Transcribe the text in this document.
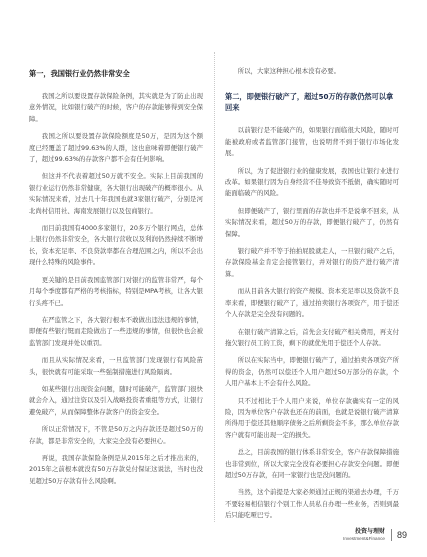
第一，我国银行业仍然非常安全

我国之所以要设置存款保险条例，其实就是为了防止出现意外情况，比如银行破产的时候，客户的存款能够得到安全保障。

我国之所以要设置存款保险额度是50万，是因为这个额度已经覆盖了超过99.63%的人群，这也意味着即便银行破产了，超过99.63%的存款客户都不会有任何影响。

但这并不代表着超过50万就不安全。实际上目前我国的银行业运行仍然非常健康，各大银行出现破产的概率很小。从实际情况来看，过去几十年我国也就3家银行破产，分别是河北尚村信用社、海南发展银行以及包商银行。

而目前我国有4000多家银行，20多万个银行网点，总体上银行仍然非常安全，各大银行营收以及利润仍然持续不断增长，资本充足率、不良贷款率都在合理范围之内，所以不会出现什么特殊的风险事件。

更关键的是目前我国监管部门对银行的监管非常严，每个月每个季度都有严格的考核指标，特别是MPA考核，让各大银行头疼不已。

在严监管之下，各大银行根本不敢做出违法违规的事情，即便有些银行铤而走险做出了一些违规的事情，但很快也会被监管部门发现并处以重罚。

而且从实际情况来看，一旦监管部门发现银行有风险苗头，很快就有可能采取一些强制措施进行风险隔离。

如某些银行出现资金问题，随时可能破产，监管部门很快就会介入，通过注资以及引入战略投资者重组等方式，让银行避免破产，从而保障整体存款客户的资金安全。

所以正常情况下，不管是50万之内存款还是超过50万的存款，都是非常安全的，大家完全没有必要担心。

再说，我国存款保险条例是从2015年之后才推出来的，2015年之前根本就没有50万存款兑付保证这说法，当时也没见超过50万存款有什么风险啊。

所以，大家这种担心根本没有必要。

第二，即便银行破产了，超过50万的存款仍然可以拿回来

以前银行是不能破产的，如果银行面临很大风险，随时可能被政府或者监管部门接管，也说明背不到于银行市场化发展。

所以，为了促进银行业的健康发展，我国也让银行业进行改革。如果银行因为自身经营不佳导致资不抵债，确实随时可能面临破产的风险。

但即便破产了，银行里面的存款也并不是说拿不回来，从实际情况来看，超过50万的存款，即便银行破产了，仍然有保障。

银行破产并不等于拍拍屁股就走人，一旦银行破产之后，存款保险基金肯定会接管银行，并对银行的资产进行破产清算。

而从目前各大银行的资产规模、资本充足率以及贷款不良率来看，即便银行破产了，通过拍卖银行各项资产，用于偿还个人存款是完全没有问题的。

在银行破产清算之后，首先会支付破产相关费用，再支付拖欠银行员工的工资，剩下的就优先用于偿还个人存款。

所以在实际当中，即便银行破产了，通过拍卖各项资产所得的资金，仍然可以偿还个人用户超过50万部分的存款，个人用户基本上不会有什么风险。

只不过相比于个人用户来说，单位存款确实有一定的风险，因为单位客户存款也还在的前面，也就是说银行破产清算所得用于偿还其他顺序债务之后所剩资金不多，那么单位存款客户就有可能出现一定的损失。

总之，目前我国的银行体系非常安全，客户存款保障措施也非常到位，所以大家完全没有必要担心存款安全问题。即便超过50万存款，在同一家银行也是没问题的。

当然，这个前提是大家必须通过正规的渠道去办理，千万不要轻易相信银行个别工作人员私自办理一些业务，否则到最后只能吃哑巴亏。

投资与理财
Investment&Finance	89
